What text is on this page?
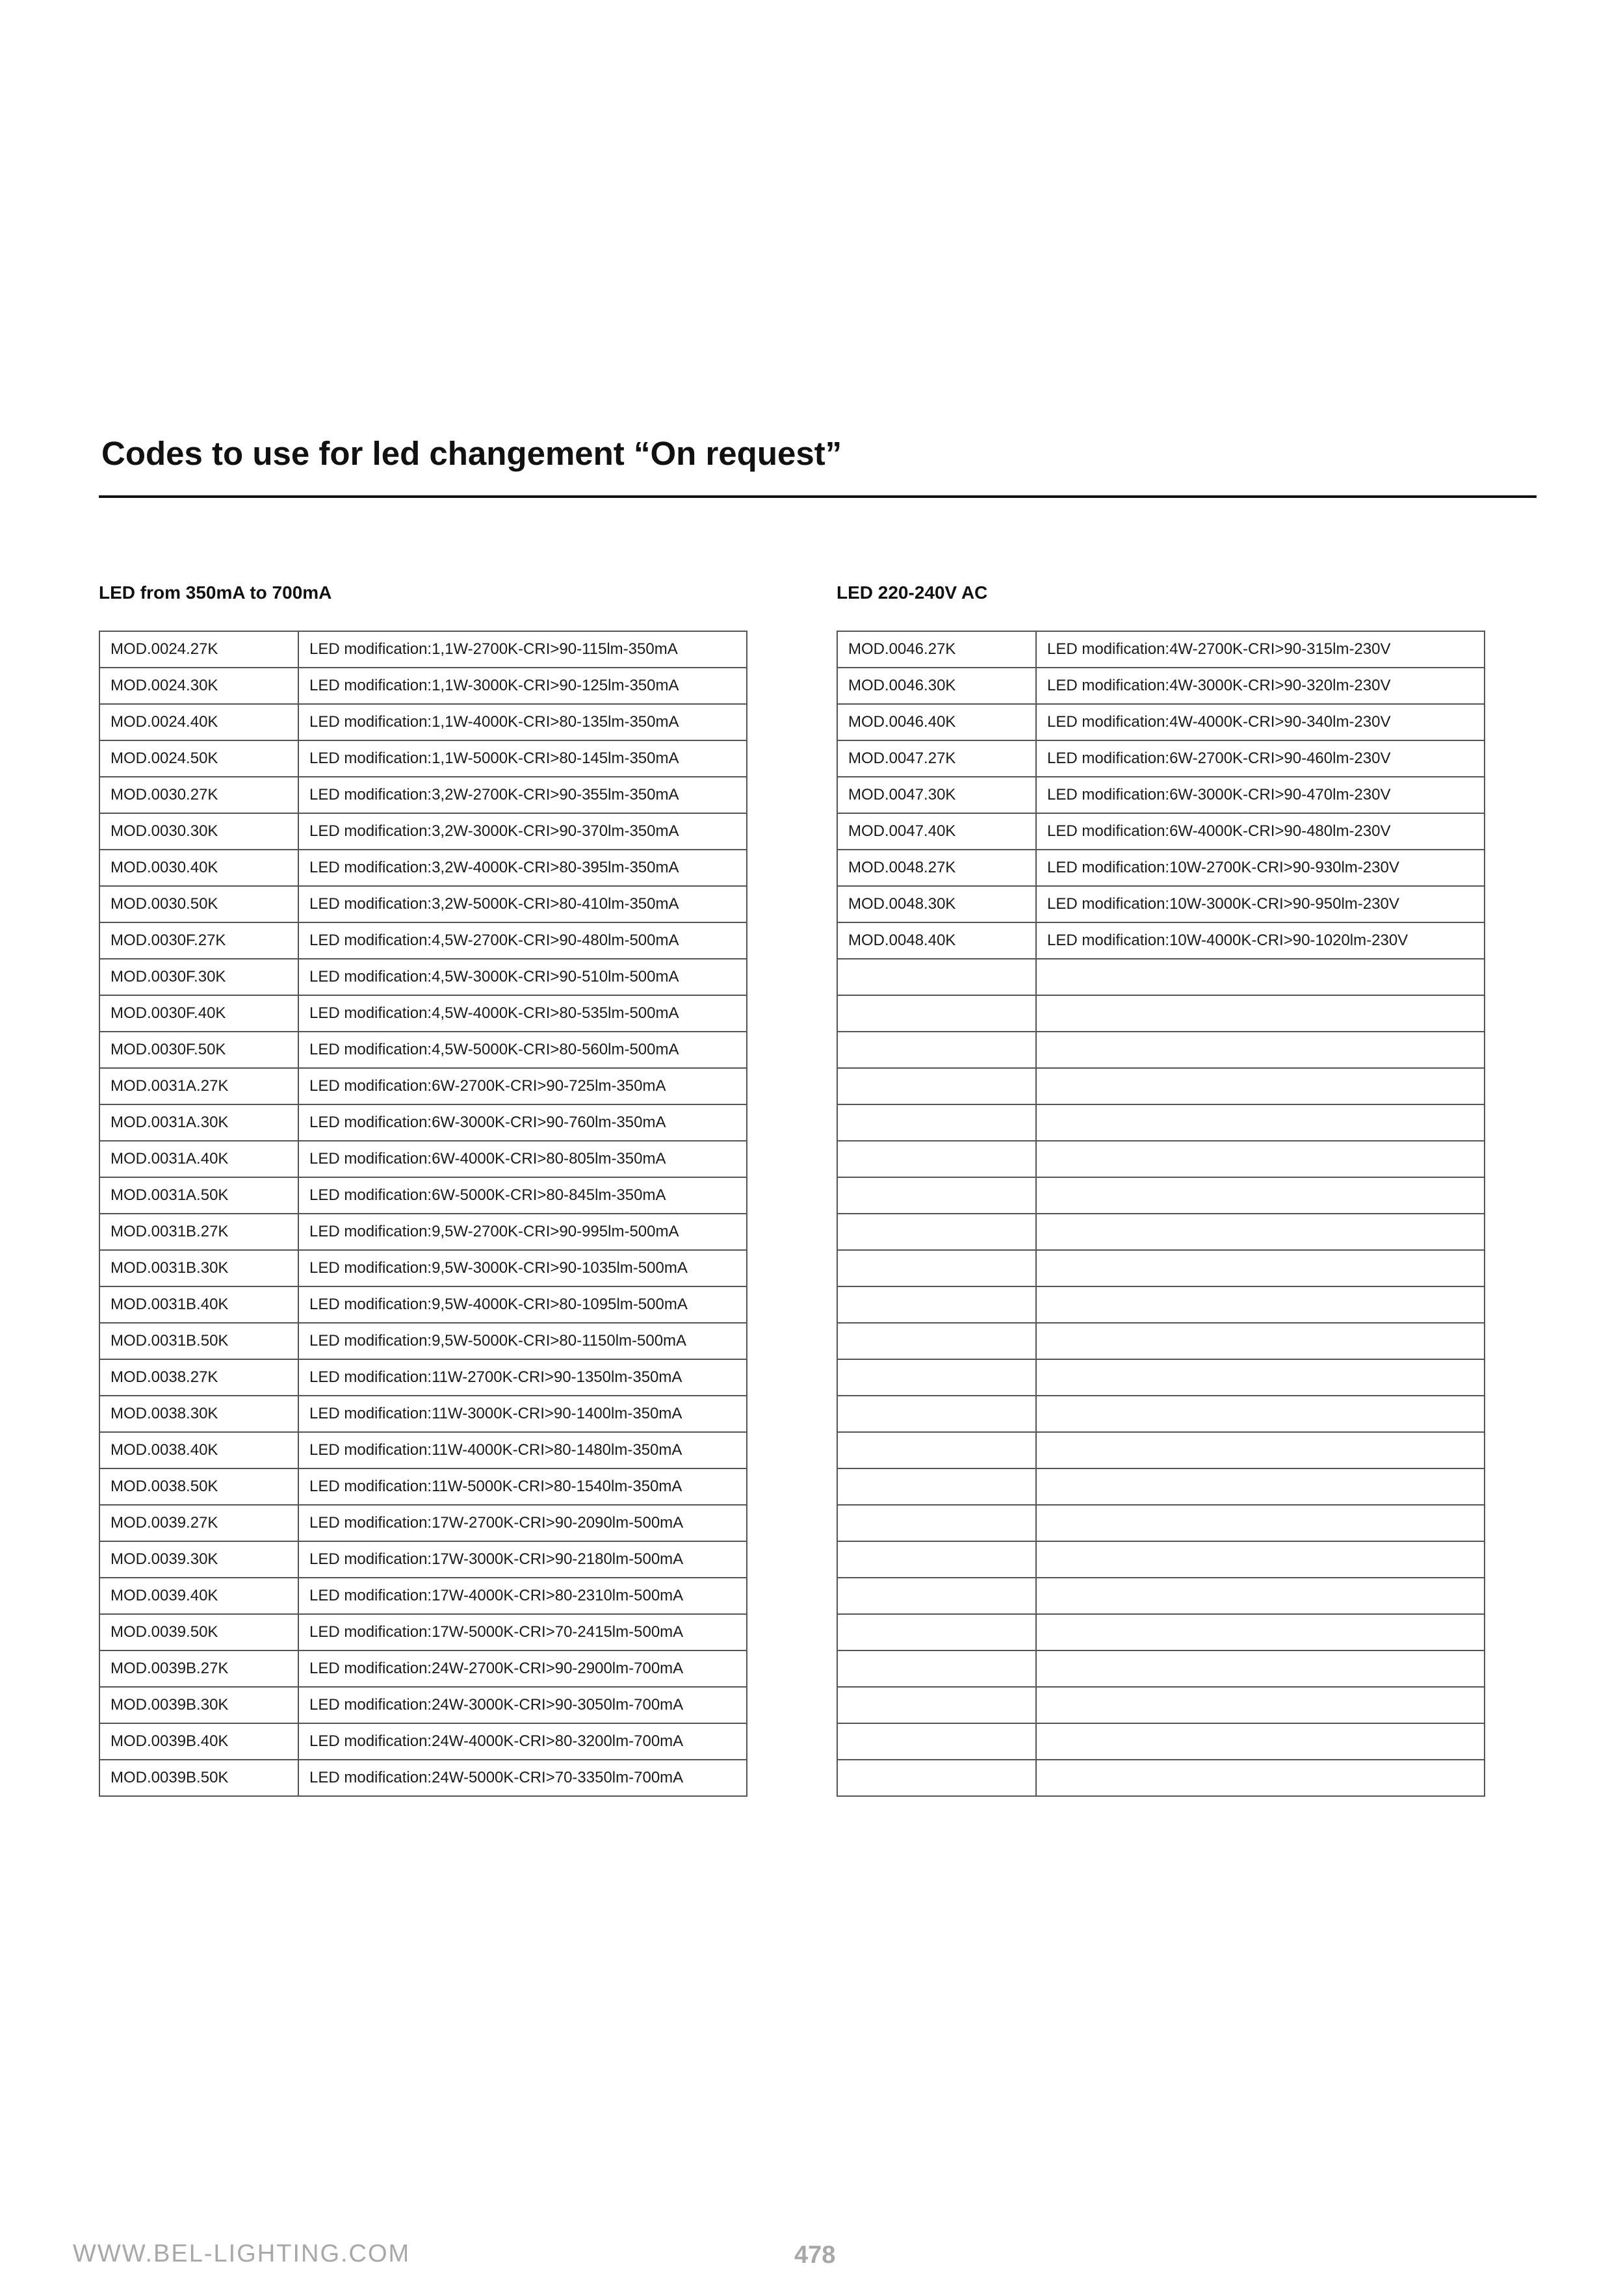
Codes to use for led changement “On request”
LED from 350mA to 700mA	LED 220-240V AC
MOD.0024.27K	LED modification:1,1W-2700K-CRI>90-115lm-350mA
MOD.0024.30K	LED modification:1,1W-3000K-CRI>90-125lm-350mA
MOD.0024.40K	LED modification:1,1W-4000K-CRI>80-135lm-350mA
MOD.0024.50K	LED modification:1,1W-5000K-CRI>80-145lm-350mA
MOD.0030.27K	LED modification:3,2W-2700K-CRI>90-355lm-350mA
MOD.0030.30K	LED modification:3,2W-3000K-CRI>90-370lm-350mA
MOD.0030.40K	LED modification:3,2W-4000K-CRI>80-395lm-350mA
MOD.0030.50K	LED modification:3,2W-5000K-CRI>80-410lm-350mA
MOD.0030F.27K	LED modification:4,5W-2700K-CRI>90-480lm-500mA
MOD.0030F.30K	LED modification:4,5W-3000K-CRI>90-510lm-500mA
MOD.0030F.40K	LED modification:4,5W-4000K-CRI>80-535lm-500mA
MOD.0030F.50K	LED modification:4,5W-5000K-CRI>80-560lm-500mA
MOD.0031A.27K	LED modification:6W-2700K-CRI>90-725lm-350mA
MOD.0031A.30K	LED modification:6W-3000K-CRI>90-760lm-350mA
MOD.0031A.40K	LED modification:6W-4000K-CRI>80-805lm-350mA
MOD.0031A.50K	LED modification:6W-5000K-CRI>80-845lm-350mA
MOD.0031B.27K	LED modification:9,5W-2700K-CRI>90-995lm-500mA
MOD.0031B.30K	LED modification:9,5W-3000K-CRI>90-1035lm-500mA
MOD.0031B.40K	LED modification:9,5W-4000K-CRI>80-1095lm-500mA
MOD.0031B.50K	LED modification:9,5W-5000K-CRI>80-1150lm-500mA
MOD.0038.27K	LED modification:11W-2700K-CRI>90-1350lm-350mA
MOD.0038.30K	LED modification:11W-3000K-CRI>90-1400lm-350mA
MOD.0038.40K	LED modification:11W-4000K-CRI>80-1480lm-350mA
MOD.0038.50K	LED modification:11W-5000K-CRI>80-1540lm-350mA
MOD.0039.27K	LED modification:17W-2700K-CRI>90-2090lm-500mA
MOD.0039.30K	LED modification:17W-3000K-CRI>90-2180lm-500mA
MOD.0039.40K	LED modification:17W-4000K-CRI>80-2310lm-500mA
MOD.0039.50K	LED modification:17W-5000K-CRI>70-2415lm-500mA
MOD.0039B.27K	LED modification:24W-2700K-CRI>90-2900lm-700mA
MOD.0039B.30K	LED modification:24W-3000K-CRI>90-3050lm-700mA
MOD.0039B.40K	LED modification:24W-4000K-CRI>80-3200lm-700mA
MOD.0039B.50K	LED modification:24W-5000K-CRI>70-3350lm-700mA
MOD.0046.27K	LED modification:4W-2700K-CRI>90-315lm-230V
MOD.0046.30K	LED modification:4W-3000K-CRI>90-320lm-230V
MOD.0046.40K	LED modification:4W-4000K-CRI>90-340lm-230V
MOD.0047.27K	LED modification:6W-2700K-CRI>90-460lm-230V
MOD.0047.30K	LED modification:6W-3000K-CRI>90-470lm-230V
MOD.0047.40K	LED modification:6W-4000K-CRI>90-480lm-230V
MOD.0048.27K	LED modification:10W-2700K-CRI>90-930lm-230V
MOD.0048.30K	LED modification:10W-3000K-CRI>90-950lm-230V
MOD.0048.40K	LED modification:10W-4000K-CRI>90-1020lm-230V

WWW.BEL-LIGHTING.COM	478
